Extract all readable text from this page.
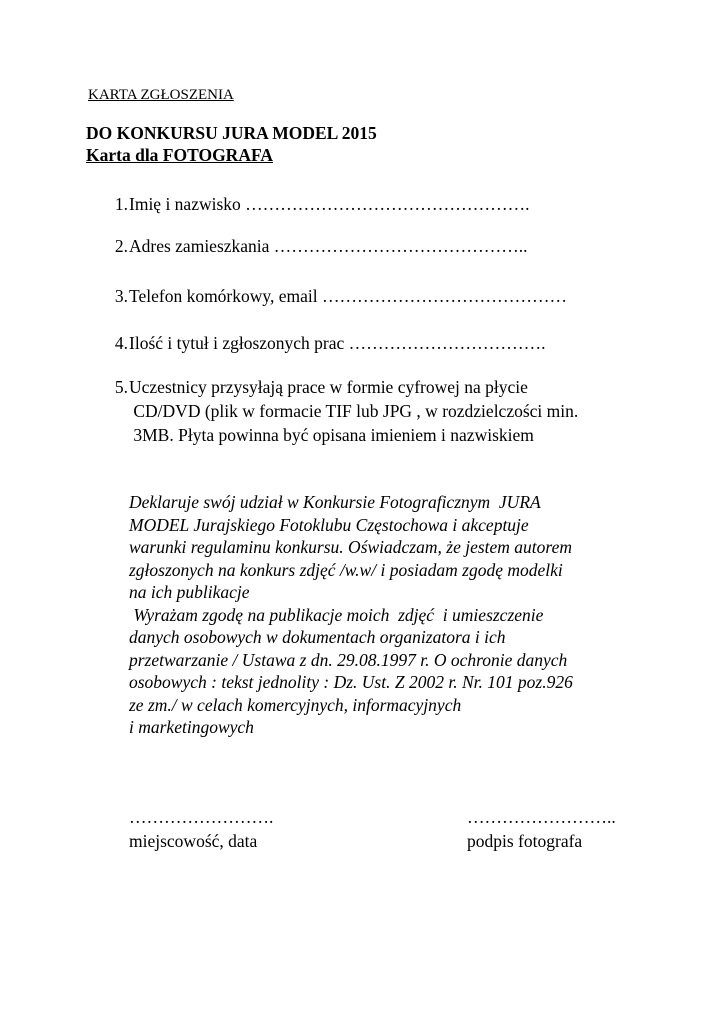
KARTA ZGŁOSZENIA
DO KONKURSU JURA MODEL 2015
Karta dla FOTOGRAFA
1. Imię i nazwisko ………………………………………….
2. Adres zamieszkania ……………………………………..
3. Telefon komórkowy, email ……………………………………
4. Ilość i tytuł i zgłoszonych prac …………………………….
5. Uczestnicy przysyłają prace w formie cyfrowej na płycie
CD/DVD (plik w formacie TIF lub JPG , w rozdzielczości min.
3MB. Płyta powinna być opisana imieniem i nazwiskiem
Deklaruje swój udział w Konkursie Fotograficznym  JURA
MODEL Jurajskiego Fotoklubu Częstochowa i akceptuje
warunki regulaminu konkursu. Oświadczam, że jestem autorem
zgłoszonych na konkurs zdjęć /w.w/ i posiadam zgodę modelki
na ich publikacje
Wyrażam zgodę na publikacje moich  zdjęć  i umieszczenie
danych osobowych w dokumentach organizatora i ich
przetwarzanie / Ustawa z dn. 29.08.1997 r. O ochronie danych
osobowych : tekst jednolity : Dz. Ust. Z 2002 r. Nr. 101 poz.926
ze zm./ w celach komercyjnych, informacyjnych
i marketingowych
…………………….
miejscowość, data
……………………..
podpis fotografa
